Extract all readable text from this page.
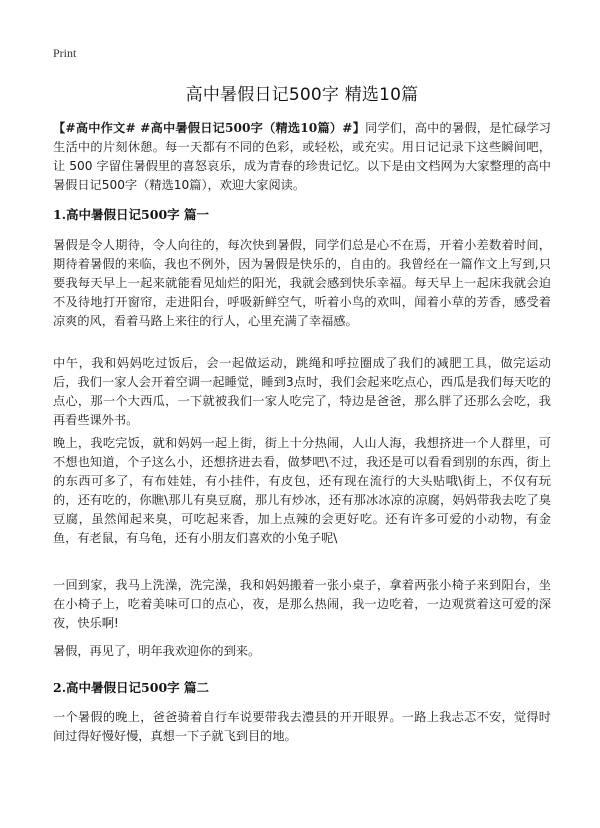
Print
高中暑假日记500字 精选10篇

【#高中作文# #高中暑假日记500字（精选10篇）#】同学们，高中的暑假，是忙碌学习生活中的片刻休憩。每一天都有不同的色彩，或轻松，或充实。用日记记录下这些瞬间吧，让 500 字留住暑假里的喜怒哀乐，成为青春的珍贵记忆。以下是由文档网为大家整理的高中暑假日记500字（精选10篇），欢迎大家阅读。

1.高中暑假日记500字 篇一

暑假是令人期待，令人向往的，每次快到暑假，同学们总是心不在焉，开着小差数着时间，期待着暑假的来临，我也不例外，因为暑假是快乐的，自由的。我曾经在一篇作文上写到,只要我每天早上一起来就能看见灿烂的阳光，我就会感到快乐幸福。每天早上一起床我就会迫不及待地打开窗帘，走进阳台，呼吸新鲜空气，听着小鸟的欢叫，闻着小草的芳香，感受着凉爽的风，看着马路上来往的行人，心里充满了幸福感。

中午，我和妈妈吃过饭后，会一起做运动，跳绳和呼拉圈成了我们的减肥工具，做完运动后，我们一家人会开着空调一起睡觉，睡到3点时，我们会起来吃点心，西瓜是我们每天吃的点心，那一个大西瓜，一下就被我们一家人吃完了，特边是爸爸，那么胖了还那么会吃，我再看些课外书。

晚上，我吃完饭，就和妈妈一起上街，街上十分热闹，人山人海，我想挤进一个人群里，可不想也知道，个子这么小，还想挤进去看，做梦吧\不过，我还是可以看看到别的东西，街上的东西可多了，有布娃娃，有小挂件，有皮包，还有现在流行的大头贴哦\街上，不仅有玩的，还有吃的，你瞧\那儿有臭豆腐，那儿有炒冰，还有那冰冰凉的凉腐，妈妈带我去吃了臭豆腐，虽然闻起来臭，可吃起来香，加上点辣的会更好吃。还有许多可爱的小动物，有金鱼，有老鼠，有乌龟，还有小朋友们喜欢的小兔子呢\

一回到家，我马上洗澡，洗完澡，我和妈妈搬着一张小桌子，拿着两张小椅子来到阳台，坐在小椅子上，吃着美味可口的点心，夜，是那么热闹，我一边吃着，一边观赏着这可爱的深夜，快乐啊!

暑假，再见了，明年我欢迎你的到来。

2.高中暑假日记500字 篇二

一个暑假的晚上，爸爸骑着自行车说要带我去澧县的开开眼界。一路上我忐忑不安，觉得时间过得好慢好慢，真想一下子就飞到目的地。
